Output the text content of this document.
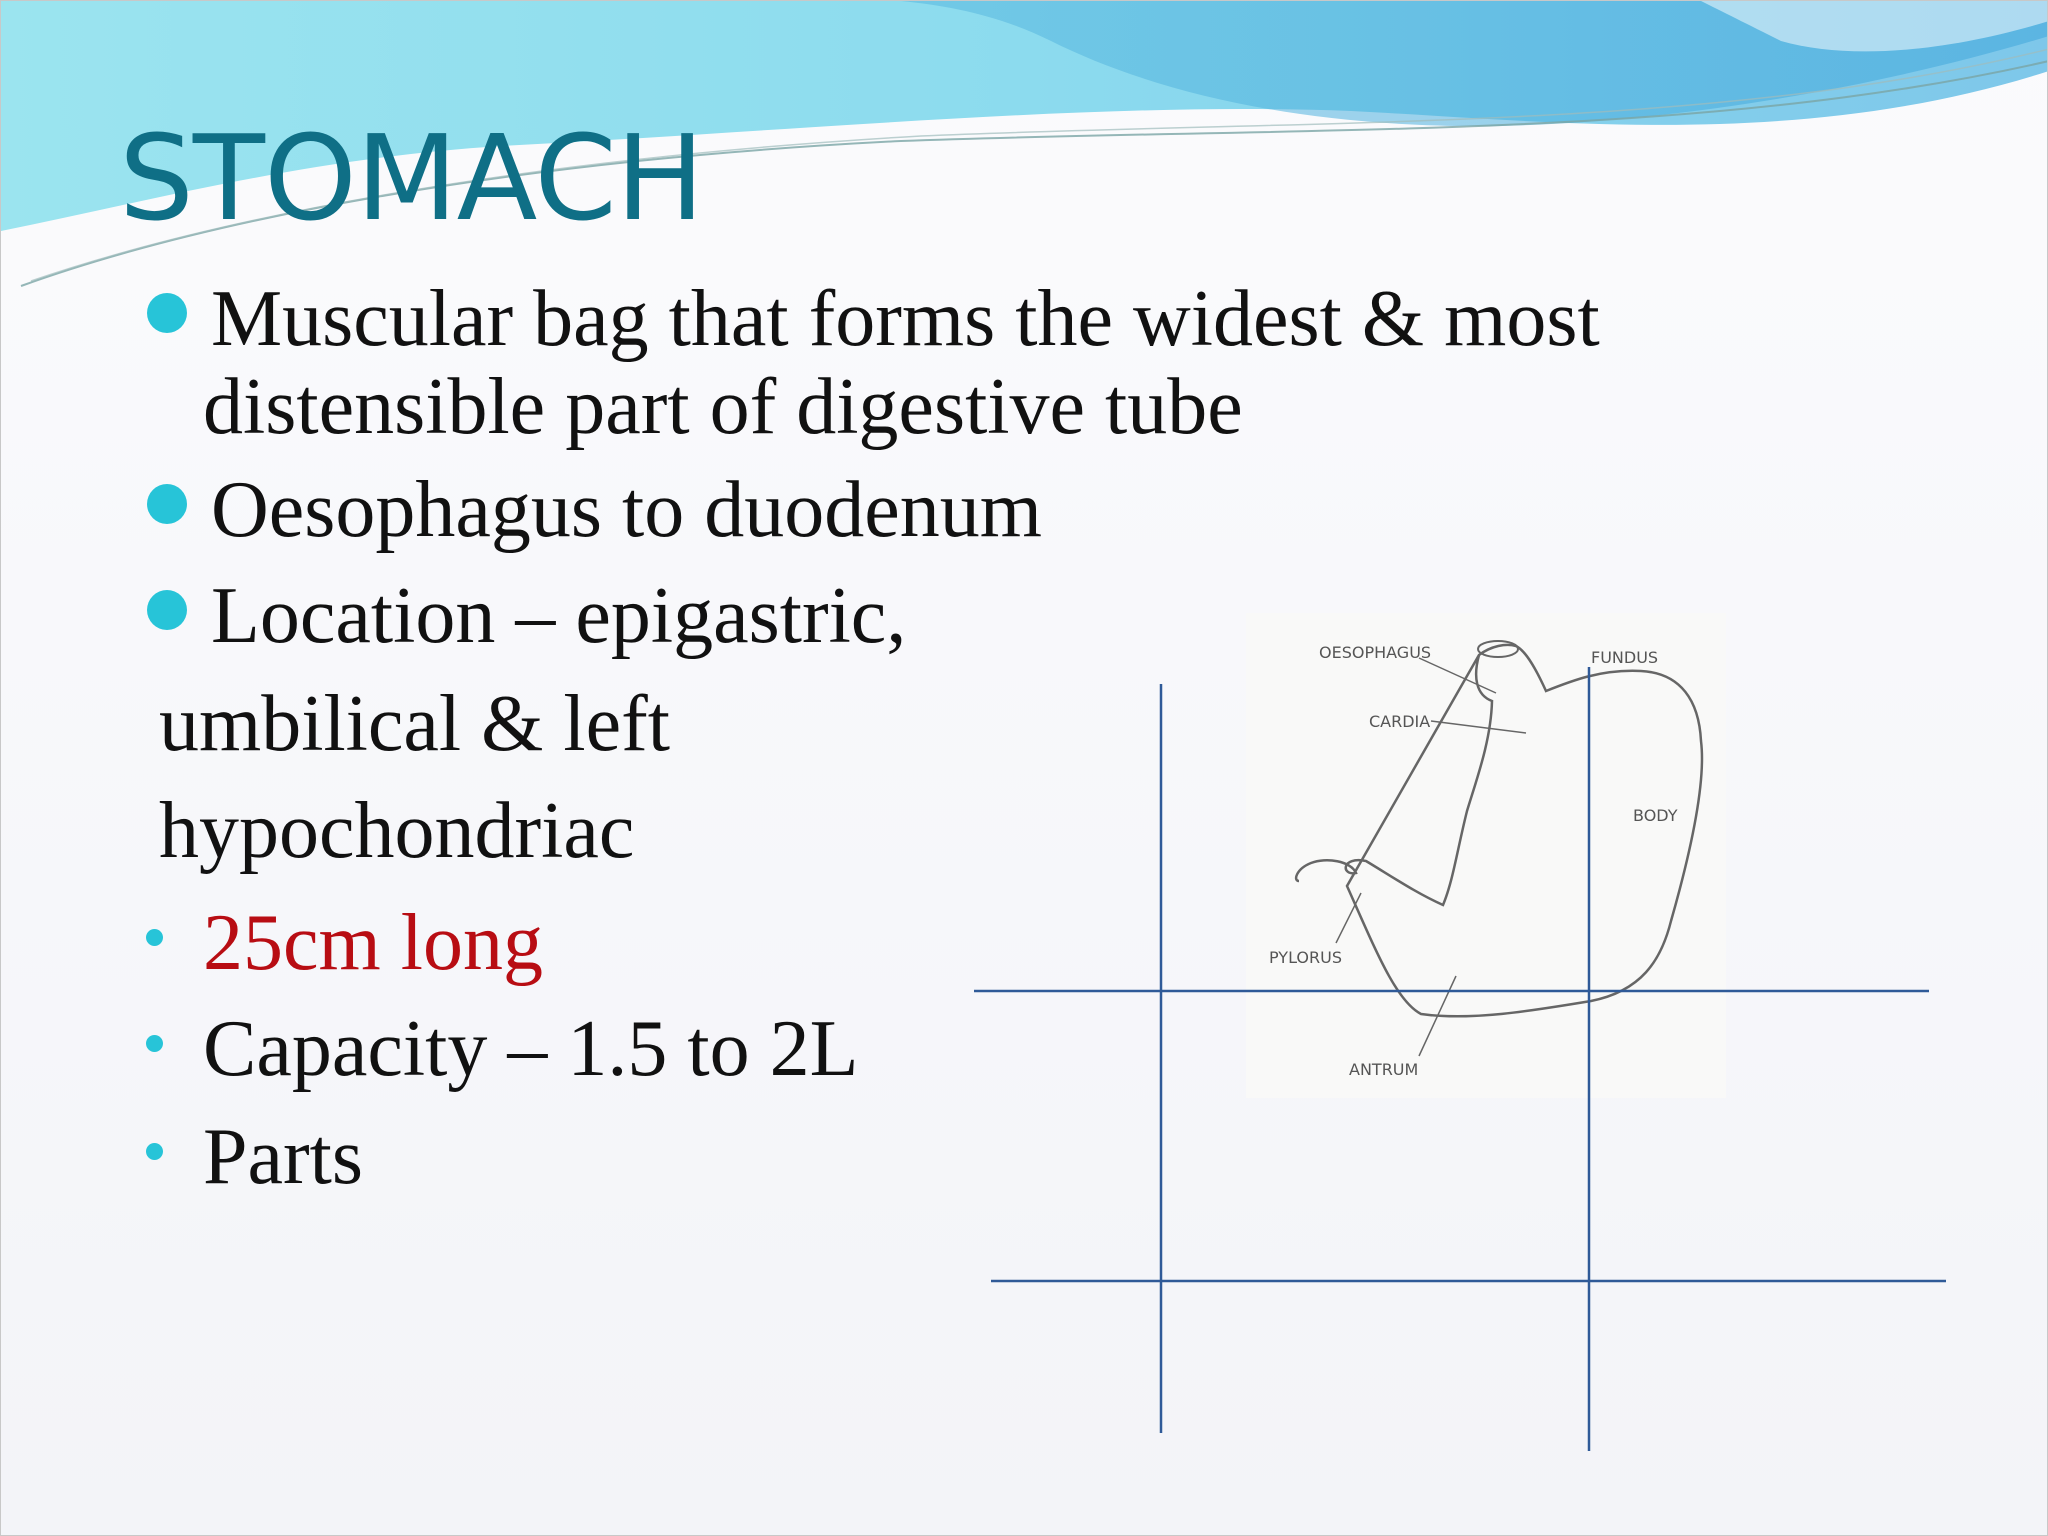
STOMACH
Muscular bag that forms the widest & most
distensible part of digestive tube
Oesophagus to duodenum
Location – epigastric,
umbilical & left
hypochondriac
25cm long
Capacity – 1.5 to 2L
Parts
OESOPHAGUS	FUNDUS
CARDIA
BODY
PYLORUS
ANTRUM
